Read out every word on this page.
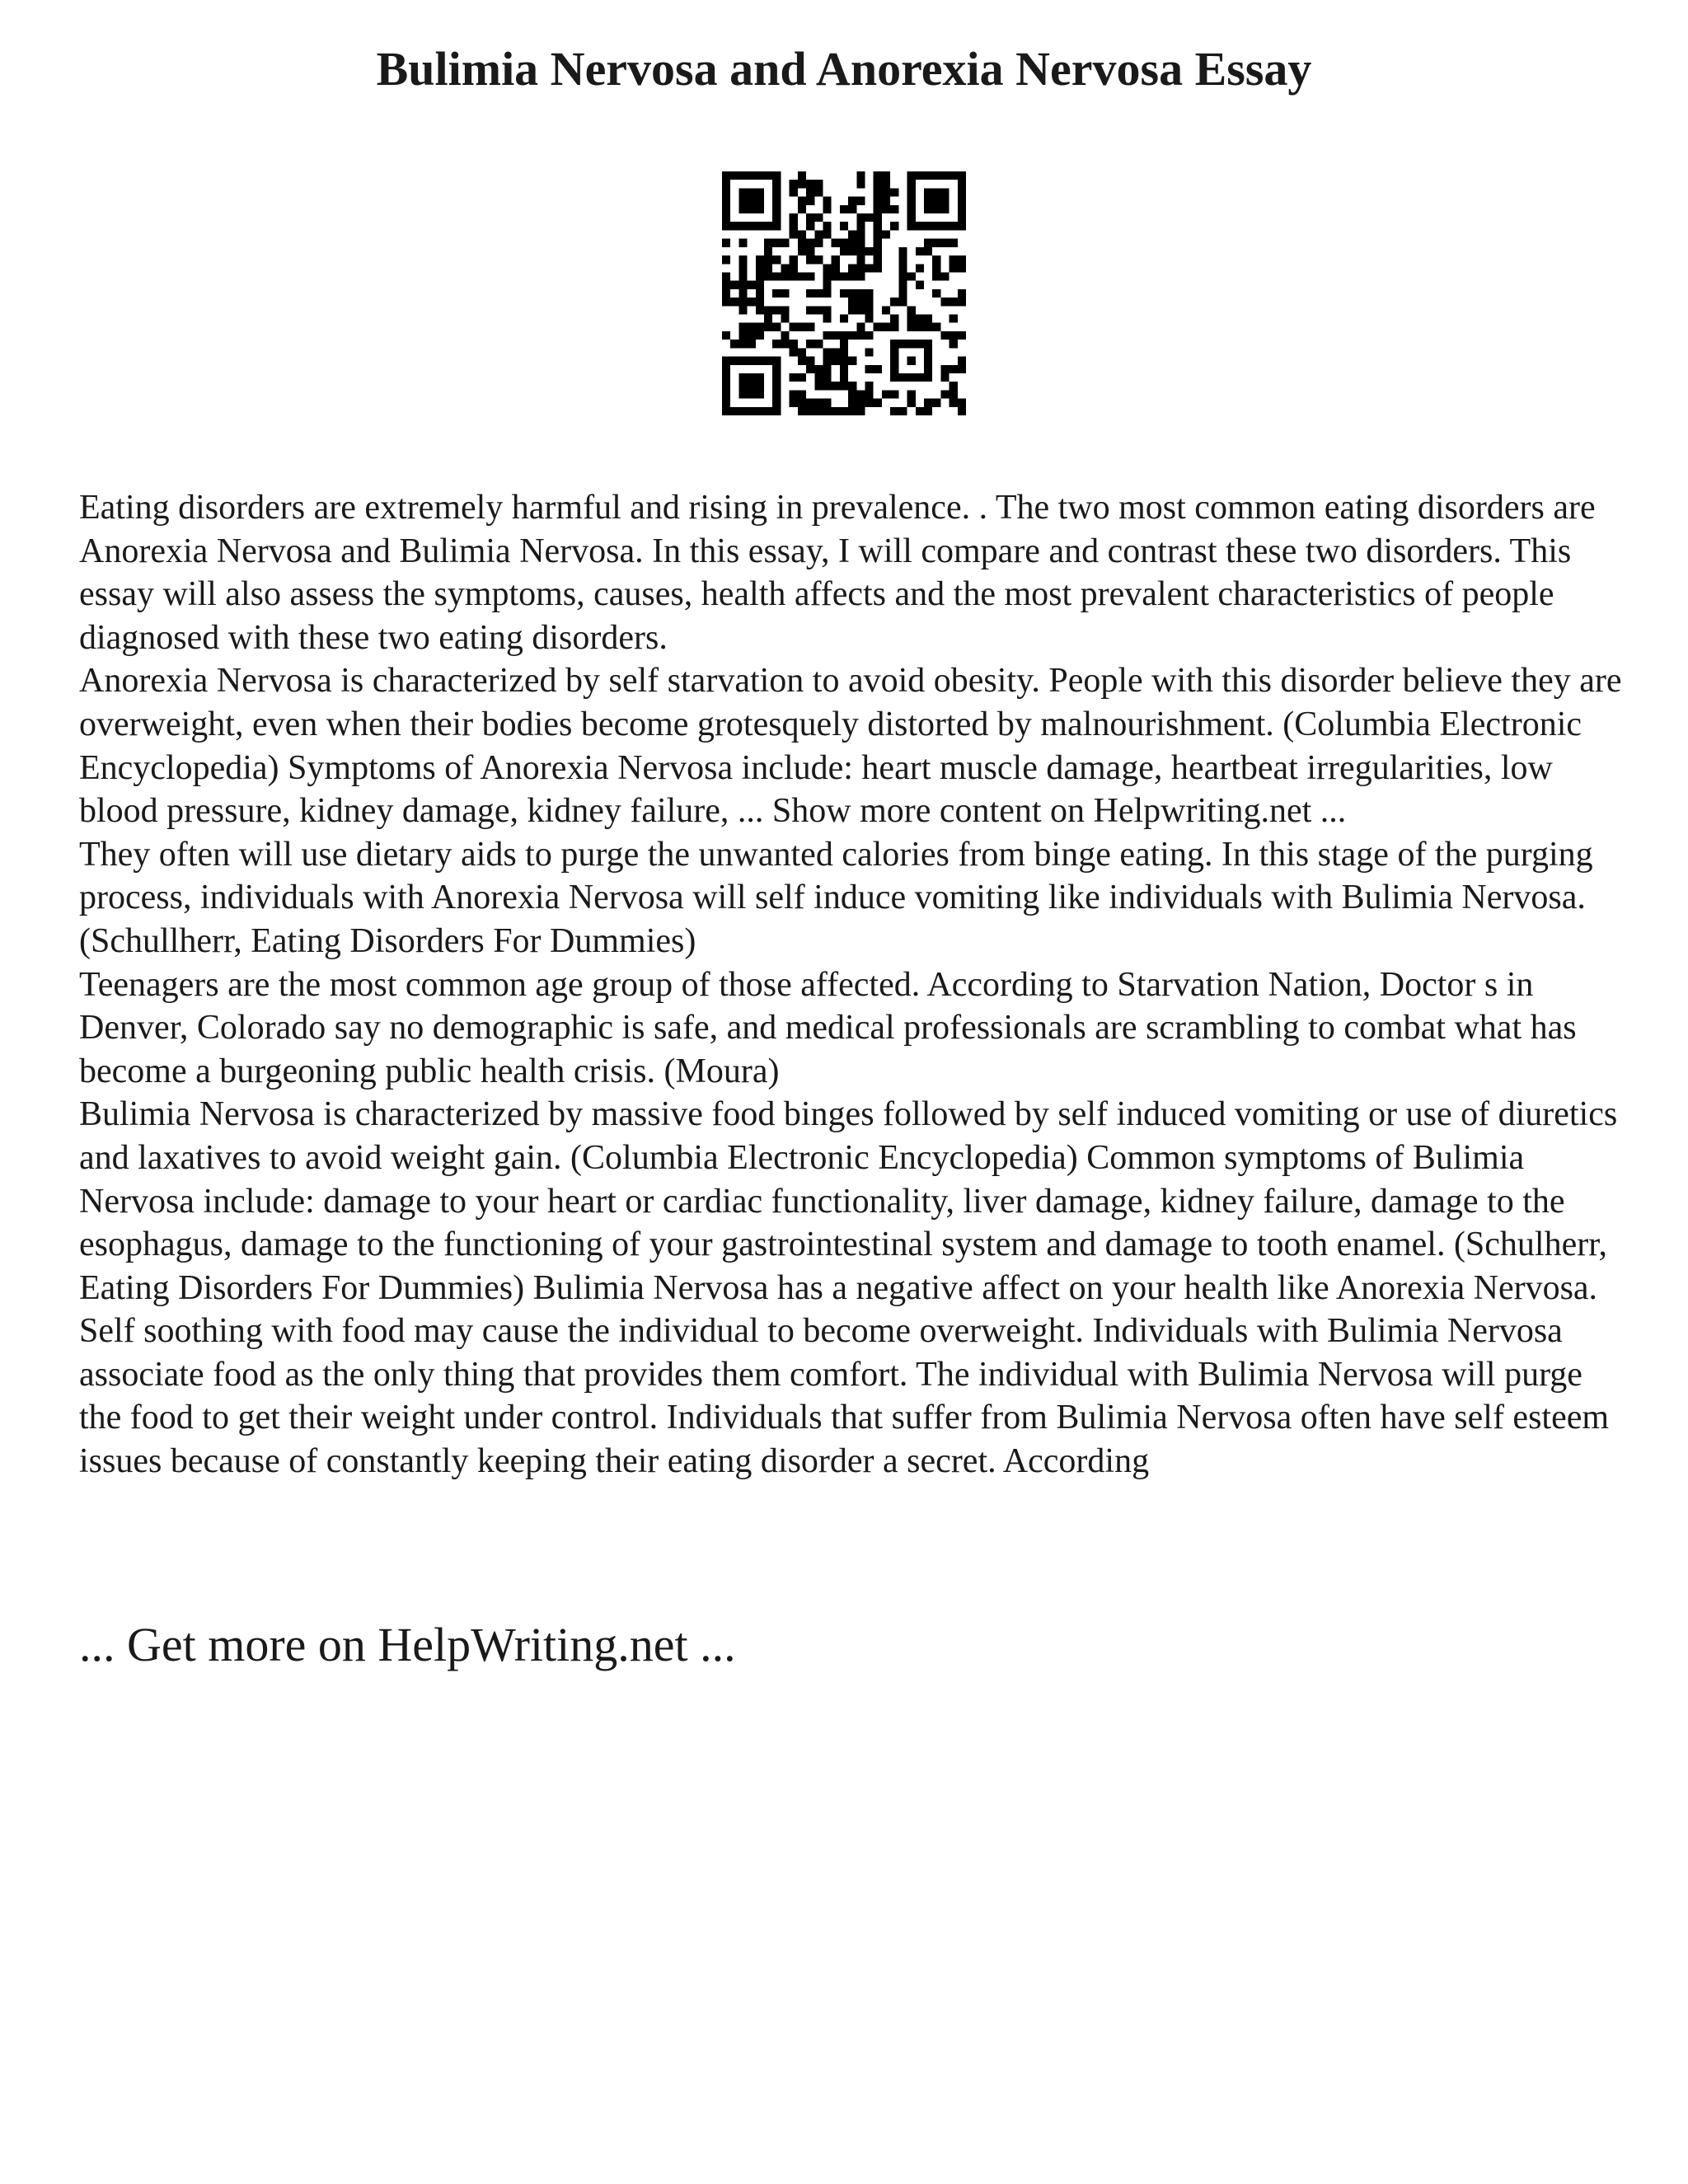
Bulimia Nervosa and Anorexia Nervosa Essay

Eating disorders are extremely harmful and rising in prevalence. . The two most common eating disorders are Anorexia Nervosa and Bulimia Nervosa. In this essay, I will compare and contrast these two disorders. This essay will also assess the symptoms, causes, health affects and the most prevalent characteristics of people diagnosed with these two eating disorders.

Anorexia Nervosa is characterized by self starvation to avoid obesity. People with this disorder believe they are overweight, even when their bodies become grotesquely distorted by malnourishment. (Columbia Electronic Encyclopedia) Symptoms of Anorexia Nervosa include: heart muscle damage, heartbeat irregularities, low blood pressure, kidney damage, kidney failure, ... Show more content on Helpwriting.net ...

They often will use dietary aids to purge the unwanted calories from binge eating. In this stage of the purging process, individuals with Anorexia Nervosa will self induce vomiting like individuals with Bulimia Nervosa. (Schullherr, Eating Disorders For Dummies)

Teenagers are the most common age group of those affected. According to Starvation Nation, Doctor s in Denver, Colorado say no demographic is safe, and medical professionals are scrambling to combat what has become a burgeoning public health crisis. (Moura)

Bulimia Nervosa is characterized by massive food binges followed by self induced vomiting or use of diuretics and laxatives to avoid weight gain. (Columbia Electronic Encyclopedia) Common symptoms of Bulimia Nervosa include: damage to your heart or cardiac functionality, liver damage, kidney failure, damage to the esophagus, damage to the functioning of your gastrointestinal system and damage to tooth enamel. (Schulherr, Eating Disorders For Dummies) Bulimia Nervosa has a negative affect on your health like Anorexia Nervosa. Self soothing with food may cause the individual to become overweight. Individuals with Bulimia Nervosa associate food as the only thing that provides them comfort. The individual with Bulimia Nervosa will purge the food to get their weight under control. Individuals that suffer from Bulimia Nervosa often have self esteem issues because of constantly keeping their eating disorder a secret. According

... Get more on HelpWriting.net ...
